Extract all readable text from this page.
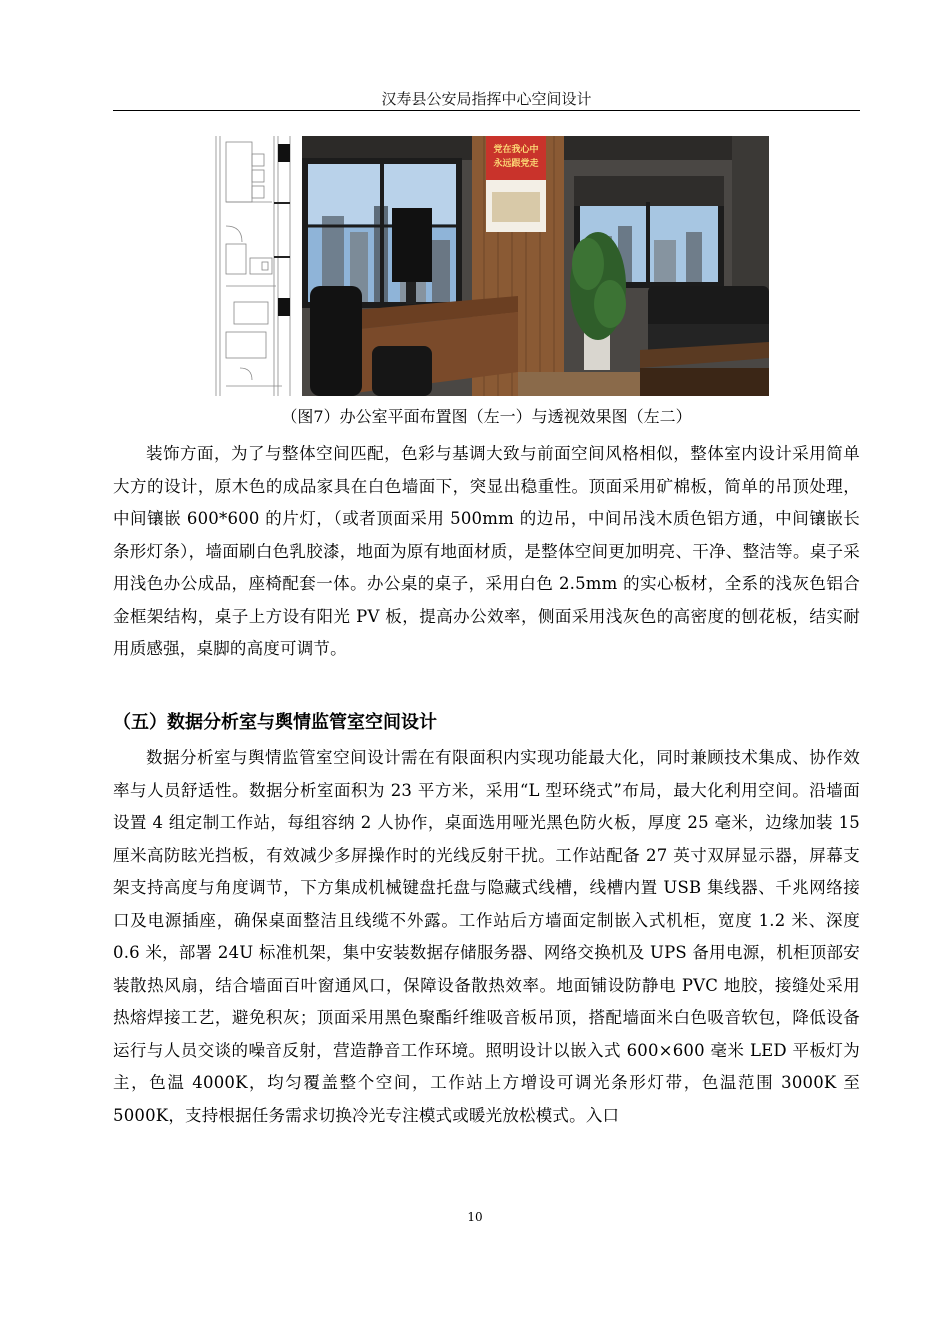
汉寿县公安局指挥中心空间设计
党在我心中
永远跟党走
（图7）办公室平面布置图（左一）与透视效果图（左二）

装饰方面，为了与整体空间匹配，色彩与基调大致与前面空间风格相似，整体室内设计采用简单大方的设计，原木色的成品家具在白色墙面下，突显出稳重性。顶面采用矿棉板，简单的吊顶处理，中间镶嵌 600*600 的片灯，（或者顶面采用 500mm 的边吊，中间吊浅木质色铝方通，中间镶嵌长条形灯条），墙面刷白色乳胶漆，地面为原有地面材质，是整体空间更加明亮、干净、整洁等。桌子采用浅色办公成品，座椅配套一体。办公桌的桌子，采用白色 2.5mm 的实心板材，全系的浅灰色铝合金框架结构，桌子上方设有阳光 PV 板，提高办公效率，侧面采用浅灰色的高密度的刨花板，结实耐用质感强，桌脚的高度可调节。

（五）数据分析室与舆情监管室空间设计

数据分析室与舆情监管室空间设计需在有限面积内实现功能最大化，同时兼顾技术集成、协作效率与人员舒适性。数据分析室面积为 23 平方米，采用“L 型环绕式”布局，最大化利用空间。沿墙面设置 4 组定制工作站，每组容纳 2 人协作，桌面选用哑光黑色防火板，厚度 25 毫米，边缘加装 15 厘米高防眩光挡板，有效减少多屏操作时的光线反射干扰。工作站配备 27 英寸双屏显示器，屏幕支架支持高度与角度调节，下方集成机械键盘托盘与隐藏式线槽，线槽内置 USB 集线器、千兆网络接口及电源插座，确保桌面整洁且线缆不外露。工作站后方墙面定制嵌入式机柜，宽度 1.2 米、深度 0.6 米，部署 24U 标准机架，集中安装数据存储服务器、网络交换机及 UPS 备用电源，机柜顶部安装散热风扇，结合墙面百叶窗通风口，保障设备散热效率。地面铺设防静电 PVC 地胶，接缝处采用热熔焊接工艺，避免积灰；顶面采用黑色聚酯纤维吸音板吊顶，搭配墙面米白色吸音软包，降低设备运行与人员交谈的噪音反射，营造静音工作环境。照明设计以嵌入式 600×600 毫米 LED 平板灯为主，色温 4000K，均匀覆盖整个空间，工作站上方增设可调光条形灯带，色温范围 3000K 至 5000K，支持根据任务需求切换冷光专注模式或暖光放松模式。入口

10
